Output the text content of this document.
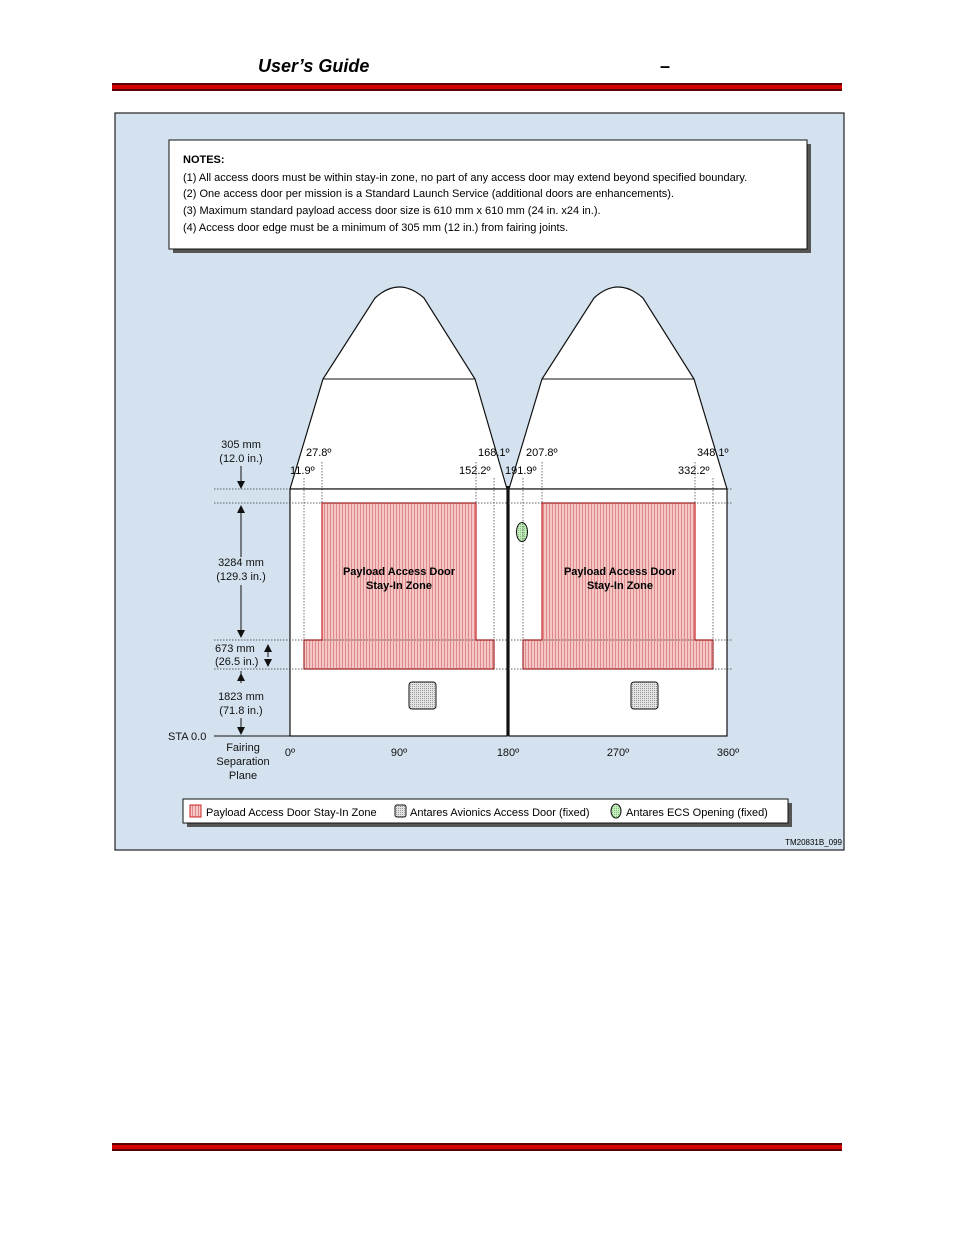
User’s Guide	–
NOTES:
(1) All access doors must be within stay-in zone, no part of any access door may extend beyond specified boundary.
(2) One access door per mission is a Standard Launch Service (additional doors are enhancements).
(3) Maximum standard payload access door size is 610 mm x 610 mm (24 in. x24 in.).
(4) Access door edge must be a minimum of 305 mm (12 in.) from fairing joints.
Payload Access Door
Stay-In Zone
Payload Access Door
Stay-In Zone
27.8º	168.1º
11.9º	152.2º
207.8º	348.1º
191.9º	332.2º
305 mm
(12.0 in.)
3284 mm
(129.3 in.)
673 mm
(26.5 in.)
1823 mm
(71.8 in.)
STA 0.0
Fairing
Separation
Plane
0º	90º	180º	270º	360º
Payload Access Door Stay-In Zone	Antares Avionics Access Door (fixed)	Antares ECS Opening (fixed)
TM20831B_099
